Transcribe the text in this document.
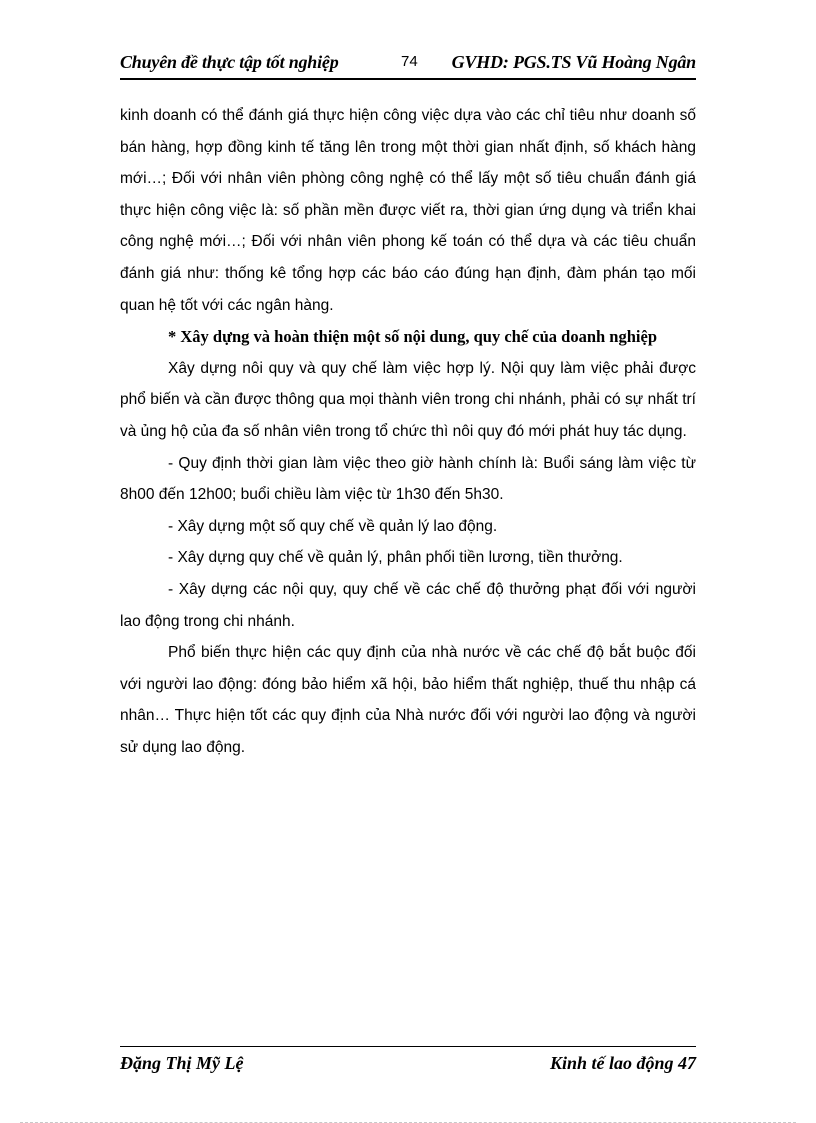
Chuyên đề thực tập tốt nghiệp	74 GVHD: PGS.TS Vũ Hoàng Ngân

kinh doanh có thể đánh giá thực hiện công việc dựa vào các chỉ tiêu như doanh số bán hàng, hợp đồng kinh tế tăng lên trong một thời gian nhất định, số khách hàng mới…; Đối với nhân viên phòng công nghệ có thể lấy một số tiêu chuẩn đánh giá thực hiện công việc là: số phần mền được viết ra, thời gian ứng dụng và triển khai công nghệ mới…; Đối với nhân viên phong kế toán có thể dựa và các tiêu chuẩn đánh giá như: thống kê tổng hợp các báo cáo đúng hạn định, đàm phán tạo mối quan hệ tốt với các ngân hàng.

* Xây dựng và hoàn thiện một số nội dung, quy chế của doanh nghiệp

Xây dựng nôi quy và quy chế làm việc hợp lý. Nội quy làm việc phải được phổ biến và cần được thông qua mọi thành viên trong chi nhánh, phải có sự nhất trí và ủng hộ của đa số nhân viên trong tổ chức thì nôi quy đó mới phát huy tác dụng.

- Quy định thời gian làm việc theo giờ hành chính là: Buổi sáng làm việc từ 8h00 đến 12h00; buổi chiều làm việc từ 1h30 đến 5h30.

- Xây dựng một số quy chế về quản lý lao động.

- Xây dựng quy chế về quản lý, phân phối tiền lương, tiền thưởng.

- Xây dựng các nội quy, quy chế về các chế độ thưởng phạt đối với người lao động trong chi nhánh.

Phổ biến thực hiện các quy định của nhà nước về các chế độ bắt buộc đối với người lao động: đóng bảo hiểm xã hội, bảo hiểm thất nghiệp, thuế thu nhập cá nhân… Thực hiện tốt các quy định của Nhà nước đối với người lao động và người sử dụng lao động.

Đặng Thị Mỹ Lệ	Kinh tế lao động 47
